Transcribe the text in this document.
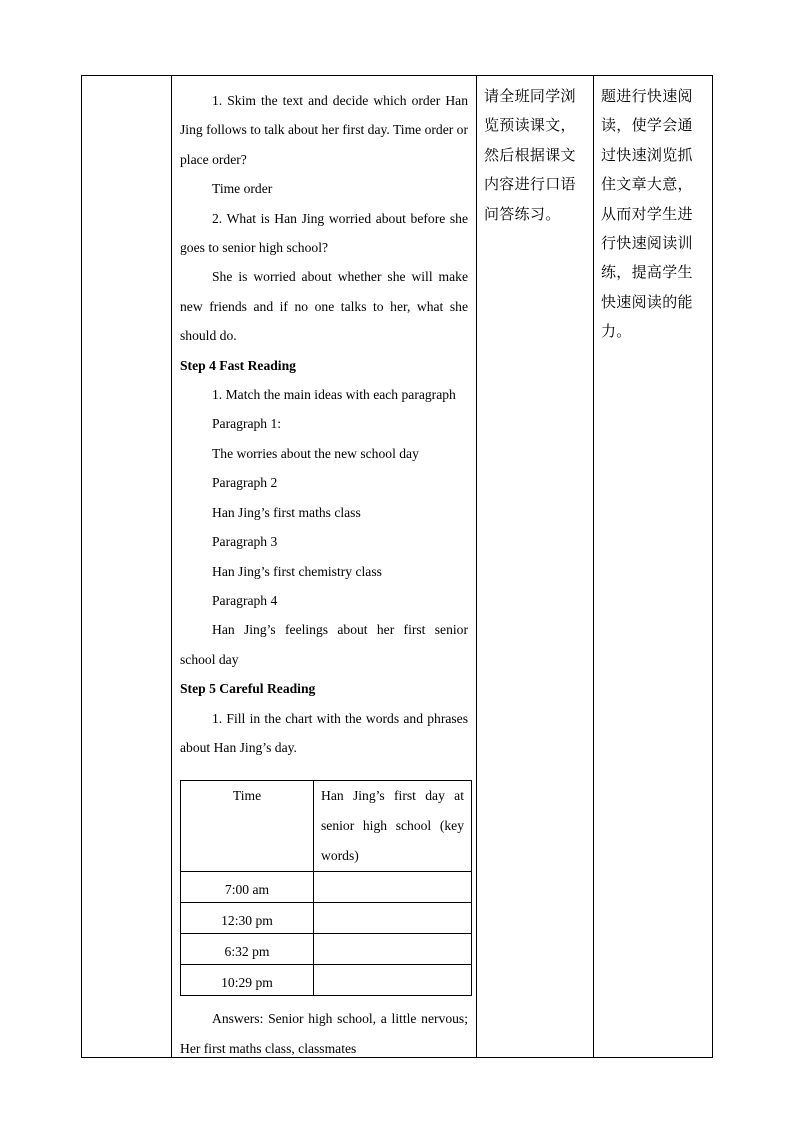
1. Skim the text and decide which order Han Jing follows to talk about her first day. Time order or place order?

Time order

2. What is Han Jing worried about before she goes to senior high school?

She is worried about whether she will make new friends and if no one talks to her, what she should do.

Step 4 Fast Reading

1. Match the main ideas with each paragraph

Paragraph 1:

The worries about the new school day

Paragraph 2

Han Jing’s first maths class

Paragraph 3

Han Jing’s first chemistry class

Paragraph 4

Han Jing’s feelings about her first senior school day

Step 5 Careful Reading

1. Fill in the chart with the words and phrases about Han Jing’s day.

Time	Han Jing’s first day at senior high school (key words)
7:00 am	
12:30 pm	
6:32 pm	
10:29 pm	

Answers: Senior high school, a little nervous; Her first maths class, classmates

请全班同学浏览预读课文，然后根据课文内容进行口语问答练习。

题进行快速阅读，使学会通过快速浏览抓住文章大意，从而对学生进行快速阅读训练，提高学生快速阅读的能力。
